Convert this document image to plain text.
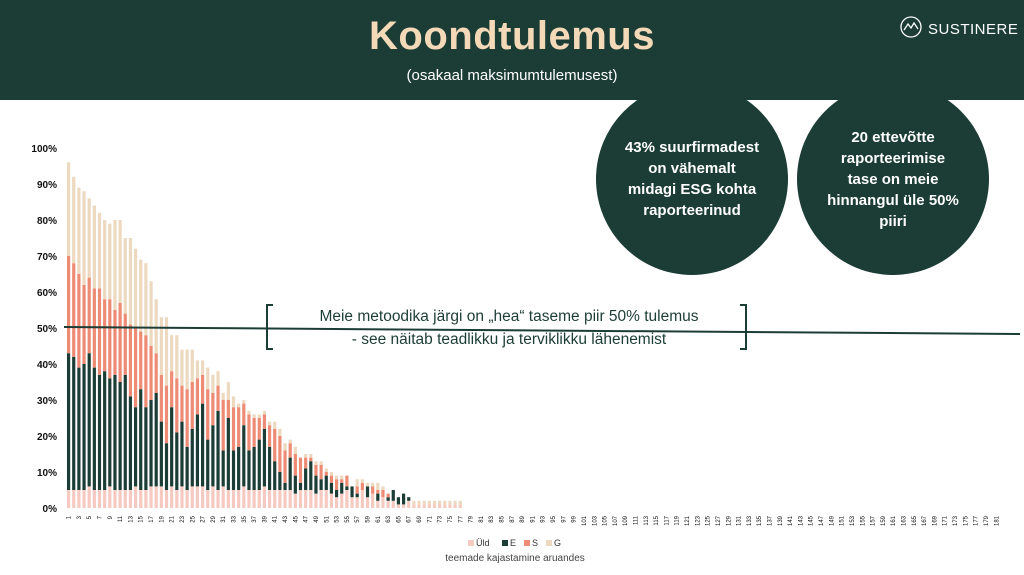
Koondtulemus
(osakaal maksimumtulemusest)
SUSTINERE
0%
10%
20%
30%
40%
50%
60%
70%
80%
90%
100%
1 3 5 7 9 11 13 15 17 19 21 23 25 27 29 31 33 35 37 39 41 43 45 47 49 51 53 55 57 59 61 63 65 67 69 71 73 75 77 79 81 83 85 87 89 91 93 95 97 99 101 103 105 107 109 111 113 115 117 119 121 123 125 127 129 131 133 135 137 139 141 143 145 147 149 151 153 155 157 159 161 163 165 167 169 171 173 175 177 179 181
Üld E S G
teemade kajastamine aruandes
Meie metoodika järgi on „hea“ taseme piir 50% tulemus
- see näitab teadlikku ja terviklikku lähenemist
43% suurfirmadest on vähemalt midagi ESG kohta raporteerinud
20 ettevõtte raporteerimise tase on meie hinnangul üle 50% piiri
